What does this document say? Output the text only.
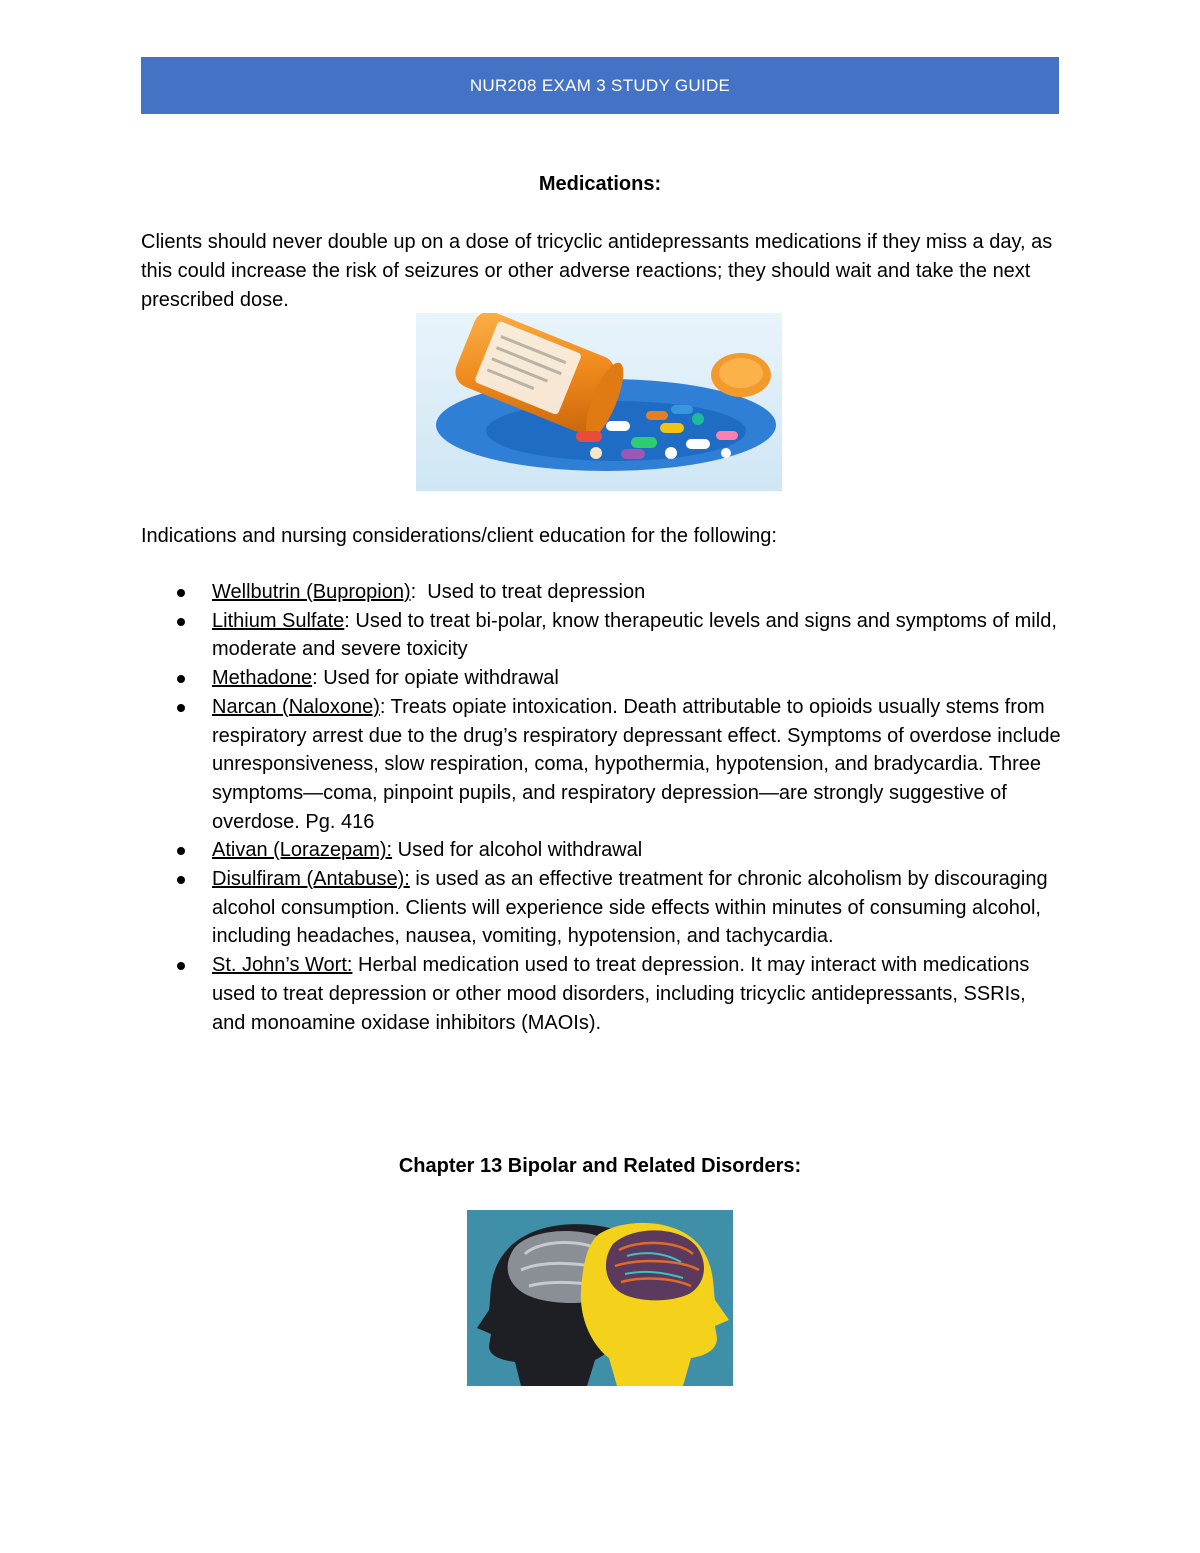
NUR208 EXAM 3 STUDY GUIDE
Medications:
Clients should never double up on a dose of tricyclic antidepressants medications if they miss a day, as this could increase the risk of seizures or other adverse reactions; they should wait and take the next prescribed dose.
Indications and nursing considerations/client education for the following:
Wellbutrin (Bupropion):  Used to treat depression
Lithium Sulfate: Used to treat bi-polar, know therapeutic levels and signs and symptoms of mild, moderate and severe toxicity
Methadone: Used for opiate withdrawal
Narcan (Naloxone): Treats opiate intoxication. Death attributable to opioids usually stems from respiratory arrest due to the drug’s respiratory depressant effect. Symptoms of overdose include unresponsiveness, slow respiration, coma, hypothermia, hypotension, and bradycardia. Three symptoms—coma, pinpoint pupils, and respiratory depression—are strongly suggestive of overdose. Pg. 416
Ativan (Lorazepam): Used for alcohol withdrawal
Disulfiram (Antabuse): is used as an effective treatment for chronic alcoholism by discouraging alcohol consumption. Clients will experience side effects within minutes of consuming alcohol, including headaches, nausea, vomiting, hypotension, and tachycardia.
St. John’s Wort: Herbal medication used to treat depression. It may interact with medications used to treat depression or other mood disorders, including tricyclic antidepressants, SSRIs, and monoamine oxidase inhibitors (MAOIs).
Chapter 13 Bipolar and Related Disorders:
